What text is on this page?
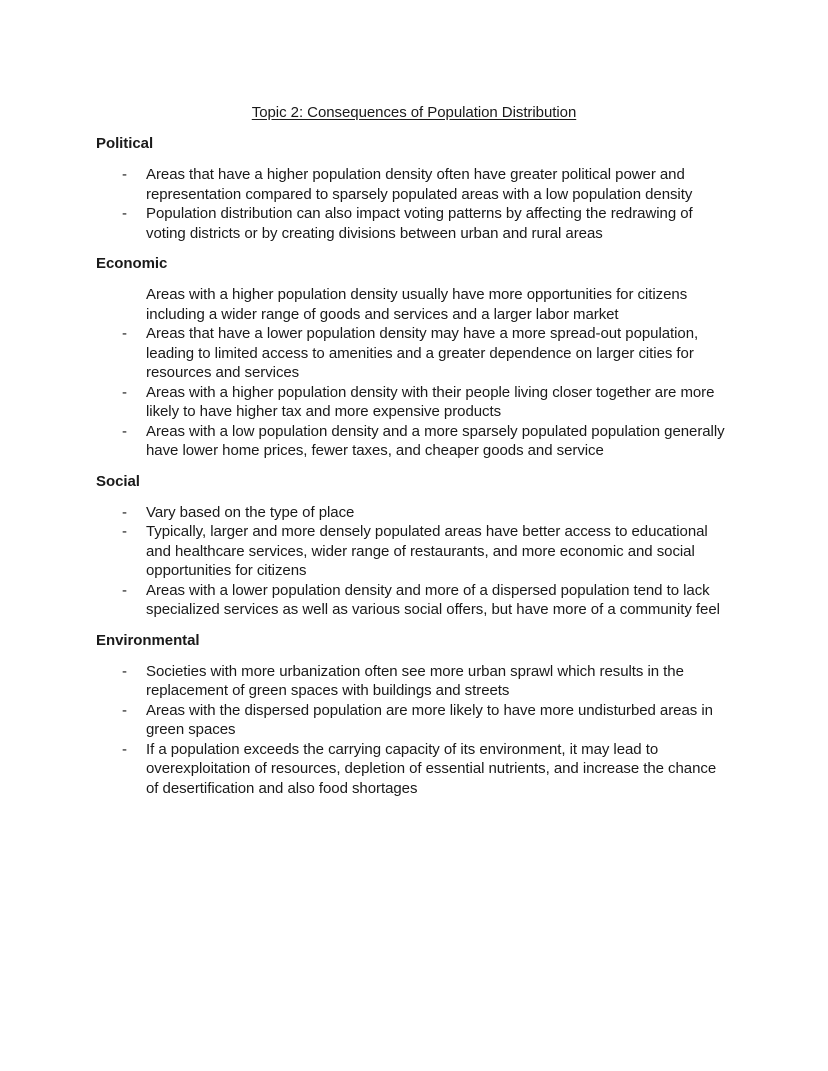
Topic 2: Consequences of Population Distribution
Political
-	Areas that have a higher population density often have greater political power and representation compared to sparsely populated areas with a low population density
-	Population distribution can also impact voting patterns by affecting the redrawing of voting districts or by creating divisions between urban and rural areas
Economic
Areas with a higher population density usually have more opportunities for citizens including a wider range of goods and services and a larger labor market
-	Areas that have a lower population density may have a more spread-out population, leading to limited access to amenities and a greater dependence on larger cities for resources and services
-	Areas with a higher population density with their people living closer together are more likely to have higher tax and more expensive products
-	Areas with a low population density and a more sparsely populated population generally have lower home prices, fewer taxes, and cheaper goods and service
Social
-	Vary based on the type of place
-	Typically, larger and more densely populated areas have better access to educational and healthcare services, wider range of restaurants, and more economic and social opportunities for citizens
-	Areas with a lower population density and more of a dispersed population tend to lack specialized services as well as various social offers, but have more of a community feel
Environmental
-	Societies with more urbanization often see more urban sprawl which results in the replacement of green spaces with buildings and streets
-	Areas with the dispersed population are more likely to have more undisturbed areas in green spaces
-	If a population exceeds the carrying capacity of its environment, it may lead to overexploitation of resources, depletion of essential nutrients, and increase the chance of desertification and also food shortages
